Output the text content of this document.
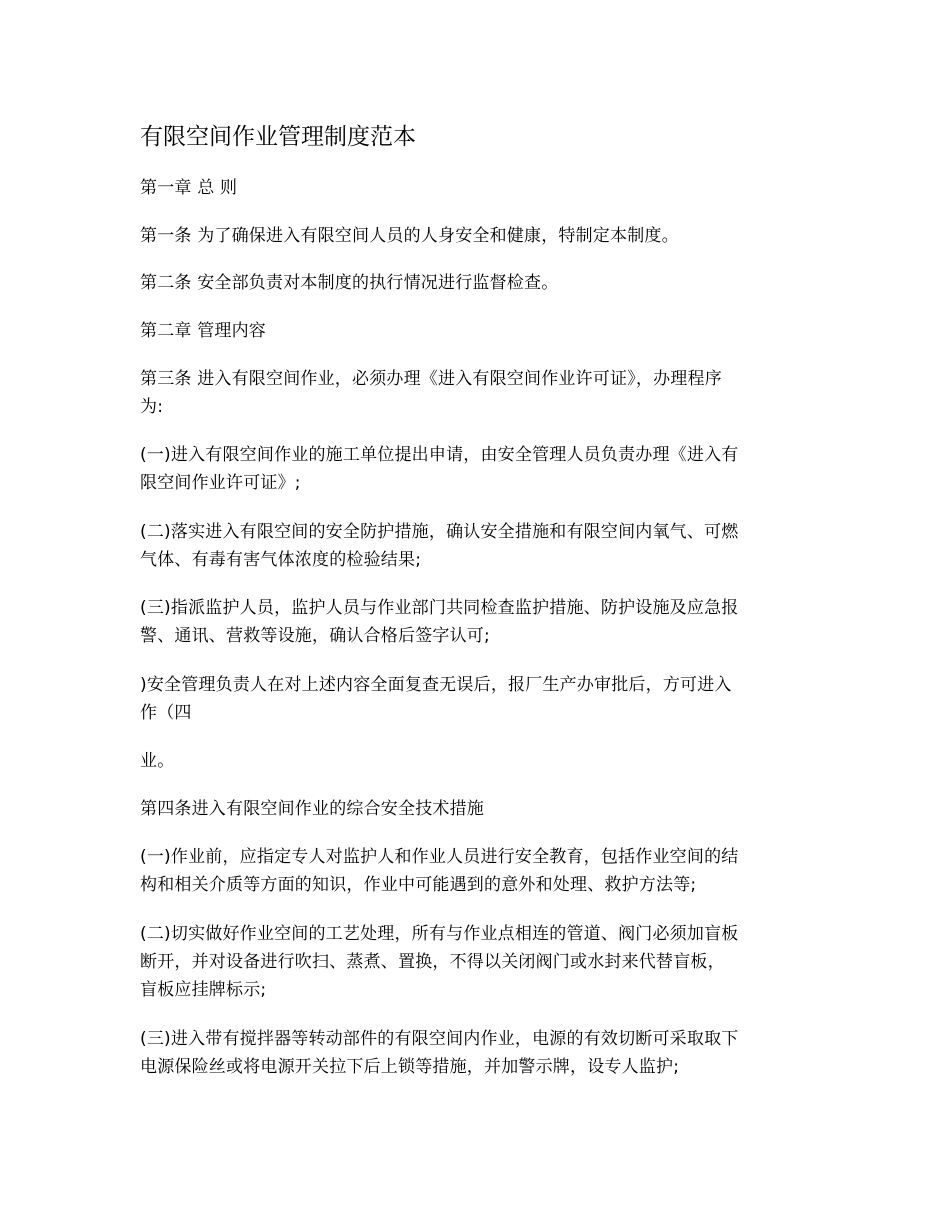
有限空间作业管理制度范本

第一章 总 则

第一条 为了确保进入有限空间人员的人身安全和健康，特制定本制度。

第二条 安全部负责对本制度的执行情况进行监督检查。

第二章 管理内容

第三条 进入有限空间作业，必须办理《进入有限空间作业许可证》，办理程序
为:

(一)进入有限空间作业的施工单位提出申请，由安全管理人员负责办理《进入有
限空间作业许可证》;

(二)落实进入有限空间的安全防护措施，确认安全措施和有限空间内氧气、可燃
气体、有毒有害气体浓度的检验结果;

(三)指派监护人员，监护人员与作业部门共同检查监护措施、防护设施及应急报
警、通讯、营救等设施，确认合格后签字认可;

)安全管理负责人在对上述内容全面复查无误后，报厂生产办审批后，方可进入
作（四

业。

第四条进入有限空间作业的综合安全技术措施

(一)作业前，应指定专人对监护人和作业人员进行安全教育，包括作业空间的结
构和相关介质等方面的知识，作业中可能遇到的意外和处理、救护方法等;

(二)切实做好作业空间的工艺处理，所有与作业点相连的管道、阀门必须加盲板
断开，并对设备进行吹扫、蒸煮、置换，不得以关闭阀门或水封来代替盲板，
盲板应挂牌标示;

(三)进入带有搅拌器等转动部件的有限空间内作业，电源的有效切断可采取取下
电源保险丝或将电源开关拉下后上锁等措施，并加警示牌，设专人监护;
